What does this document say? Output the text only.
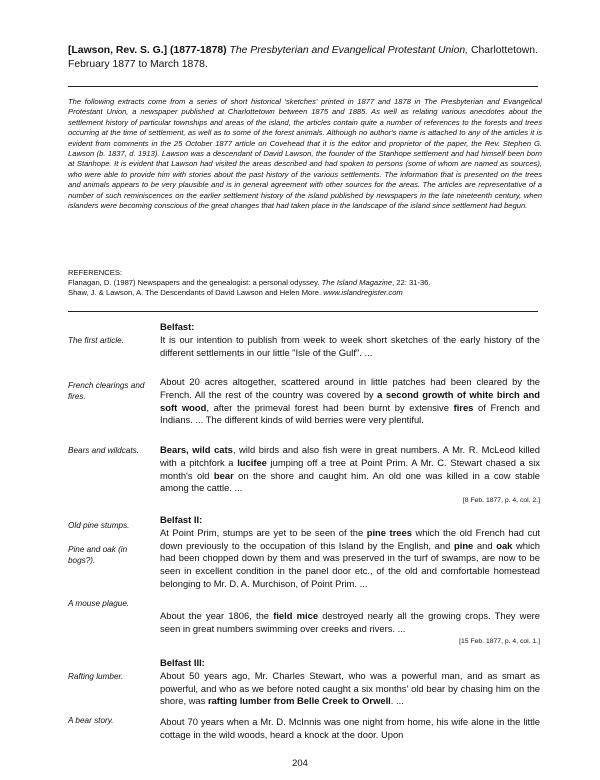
[Lawson, Rev. S. G.] (1877-1878) The Presbyterian and Evangelical Protestant Union, Charlottetown. February 1877 to March 1878.
The following extracts come from a series of short historical 'sketches' printed in 1877 and 1878 in The Presbyterian and Evangelical Protestant Union, a newspaper published at Charlottetown between 1875 and 1885. As well as relating various anecdotes about the settlement history of particular townships and areas of the island, the articles contain quite a number of references to the forests and trees occurring at the time of settlement, as well as to some of the forest animals. Although no author's name is attached to any of the articles it is evident from comments in the 25 October 1877 article on Covehead that it is the editor and proprietor of the paper, the Rev. Stephen G. Lawson (b. 1837, d. 1913). Lawson was a descendant of David Lawson, the founder of the Stanhope settlement and had himself been born at Stanhope. It is evident that Lawson had visited the areas described and had spoken to persons (some of whom are named as sources), who were able to provide him with stories about the past history of the various settlements. The information that is presented on the trees and animals appears to be very plausible and is in general agreement with other sources for the areas. The articles are representative of a number of such reminiscences on the earlier settlement history of the island published by newspapers in the late nineteenth century, when islanders were becoming conscious of the great changes that had taken place in the landscape of the island since settlement had begun.
REFERENCES:
Flanagan, D. (1987) Newspapers and the genealogist: a personal odyssey. The Island Magazine, 22: 31-36.
Shaw, J. & Lawson, A. The Descendants of David Lawson and Helen More. www.islandregister.com
The first article.
French clearings and fires.
Bears and wildcats.
Old pine stumps.
Pine and oak (in bogs?).
A mouse plague.
Rafting lumber.
A bear story.
Belfast:
It is our intention to publish from week to week short sketches of the early history of the different settlements in our little "Isle of the Gulf". ...
About 20 acres altogether, scattered around in little patches had been cleared by the French. All the rest of the country was covered by a second growth of white birch and soft wood, after the primeval forest had been burnt by extensive fires of French and Indians. ... The different kinds of wild berries were very plentiful.
Bears, wild cats, wild birds and also fish were in great numbers. A Mr. R. McLeod killed with a pitchfork a lucifee jumping off a tree at Point Prim. A Mr. C. Stewart chased a six month's old bear on the shore and caught him. An old one was killed in a cow stable among the cattle. ...
[8 Feb. 1877, p. 4, col. 2.]
Belfast II:
At Point Prim, stumps are yet to be seen of the pine trees which the old French had cut down previously to the occupation of this Island by the English, and pine and oak which had been chopped down by them and was preserved in the turf of swamps, are now to be seen in excellent condition in the panel door etc., of the old and comfortable homestead belonging to Mr. D. A. Murchison, of Point Prim. ...
About the year 1806, the field mice destroyed nearly all the growing crops. They were seen in great numbers swimming over creeks and rivers. ...
[15 Feb. 1877, p. 4, col. 1.]
Belfast III:
About 50 years ago, Mr. Charles Stewart, who was a powerful man, and as smart as powerful, and who as we before noted caught a six months' old bear by chasing him on the shore, was rafting lumber from Belle Creek to Orwell. ...
About 70 years when a Mr. D. McInnis was one night from home, his wife alone in the little cottage in the wild woods, heard a knock at the door. Upon
204
